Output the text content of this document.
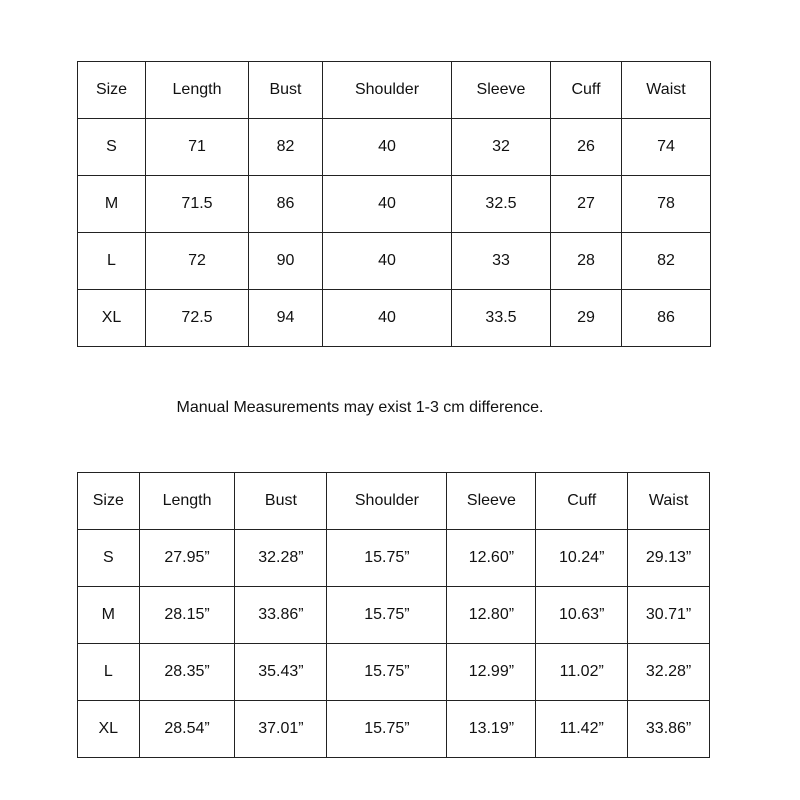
Size	Length	Bust	Shoulder	Sleeve	Cuff	Waist
S	71	82	40	32	26	74
M	71.5	86	40	32.5	27	78
L	72	90	40	33	28	82
XL	72.5	94	40	33.5	29	86
Manual Measurements may exist 1-3 cm difference.
Size	Length	Bust	Shoulder	Sleeve	Cuff	Waist
S	27.95”	32.28”	15.75”	12.60”	10.24”	29.13”
M	28.15”	33.86”	15.75”	12.80”	10.63”	30.71”
L	28.35”	35.43”	15.75”	12.99”	11.02”	32.28”
XL	28.54”	37.01”	15.75”	13.19”	11.42”	33.86”
